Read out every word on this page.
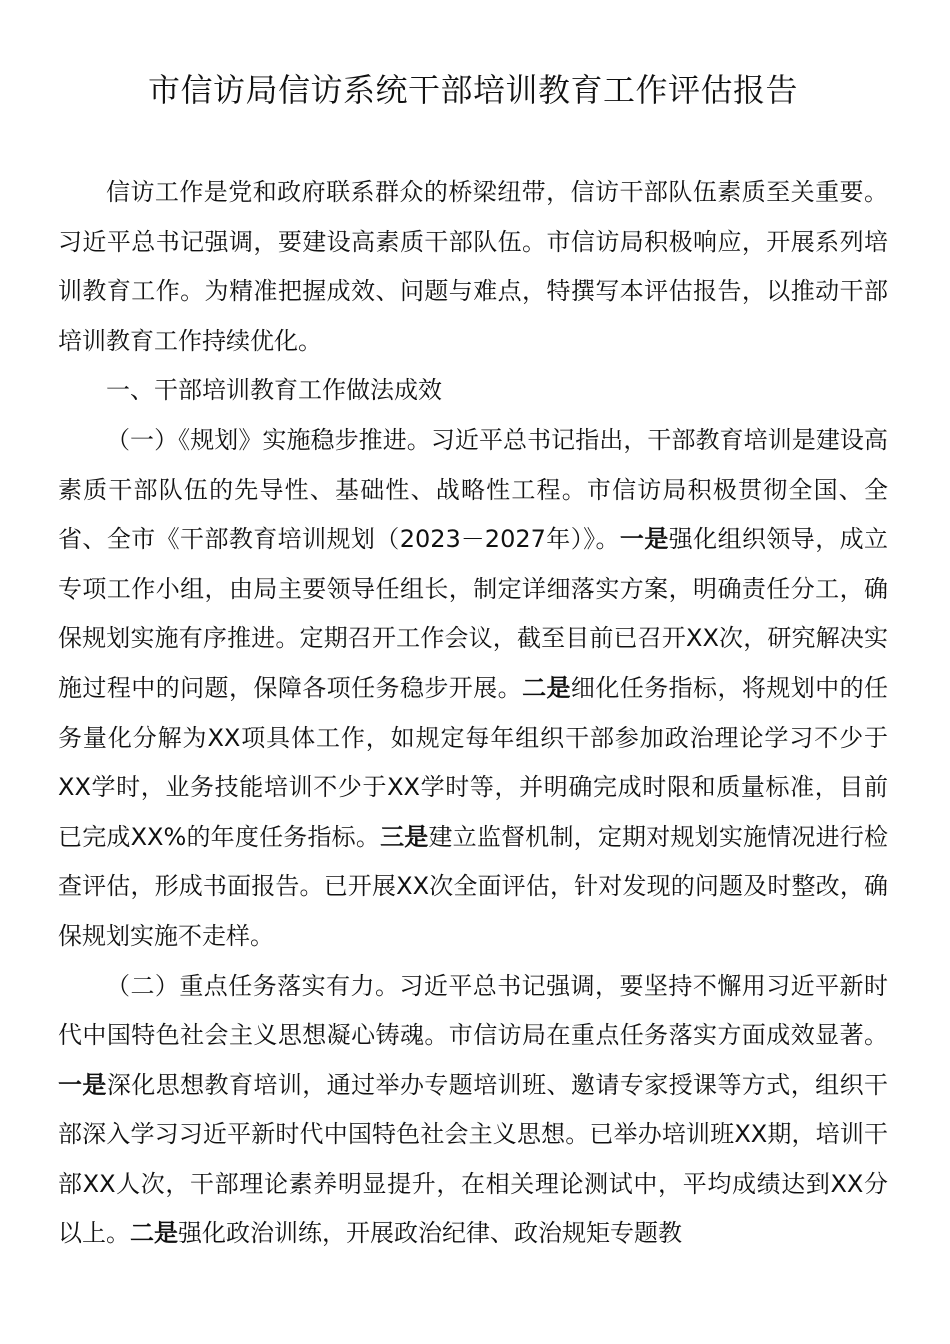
市信访局信访系统干部培训教育工作评估报告

信访工作是党和政府联系群众的桥梁纽带，信访干部队伍素质至关重要。习近平总书记强调，要建设高素质干部队伍。市信访局积极响应，开展系列培训教育工作。为精准把握成效、问题与难点，特撰写本评估报告，以推动干部培训教育工作持续优化。

一、干部培训教育工作做法成效

（一）《规划》实施稳步推进。习近平总书记指出，干部教育培训是建设高素质干部队伍的先导性、基础性、战略性工程。市信访局积极贯彻全国、全省、全市《干部教育培训规划（2023－2027年）》。一是强化组织领导，成立专项工作小组，由局主要领导任组长，制定详细落实方案，明确责任分工，确保规划实施有序推进。定期召开工作会议，截至目前已召开XX次，研究解决实施过程中的问题，保障各项任务稳步开展。二是细化任务指标，将规划中的任务量化分解为XX项具体工作，如规定每年组织干部参加政治理论学习不少于XX学时，业务技能培训不少于XX学时等，并明确完成时限和质量标准，目前已完成XX%的年度任务指标。三是建立监督机制，定期对规划实施情况进行检查评估，形成书面报告。已开展XX次全面评估，针对发现的问题及时整改，确保规划实施不走样。

（二）重点任务落实有力。习近平总书记强调，要坚持不懈用习近平新时代中国特色社会主义思想凝心铸魂。市信访局在重点任务落实方面成效显著。一是深化思想教育培训，通过举办专题培训班、邀请专家授课等方式，组织干部深入学习习近平新时代中国特色社会主义思想。已举办培训班XX期，培训干部XX人次，干部理论素养明显提升，在相关理论测试中，平均成绩达到XX分以上。二是强化政治训练，开展政治纪律、政治规矩专题教
